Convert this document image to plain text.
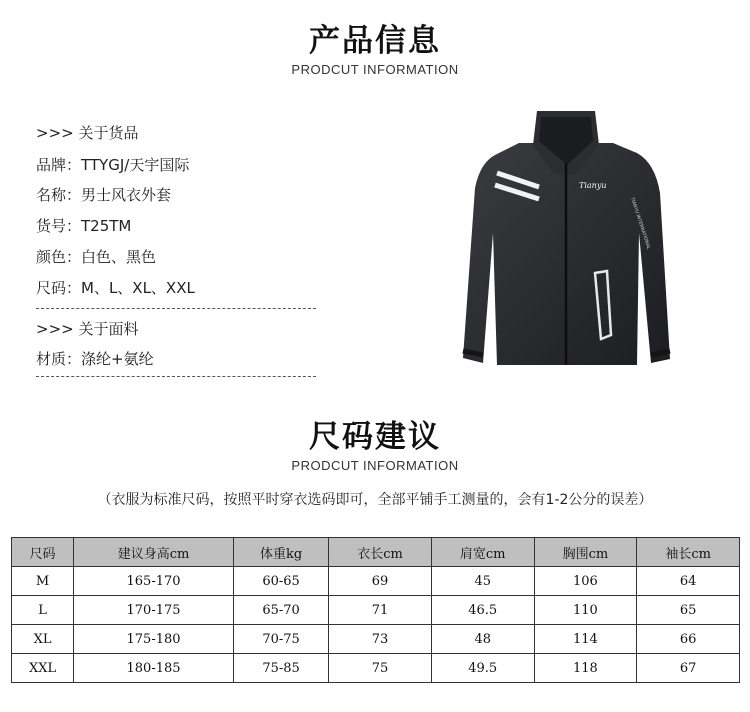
产品信息
PRODCUT INFORMATION
>>> 关于货品
品牌：TTYGJ/天宇国际
名称：男士风衣外套
货号：T25TM
颜色：白色、黑色
尺码：M、L、XL、XXL
>>> 关于面料
材质：涤纶+氨纶
Tianyu
TIANYU INTERNATIONAL
尺码建议
PRODCUT INFORMATION
（衣服为标准尺码，按照平时穿衣选码即可，全部平铺手工测量的，会有1-2公分的误差）
尺码	建议身高cm	体重kg	衣长cm	肩宽cm	胸围cm	袖长cm
M	165-170	60-65	69	45	106	64
L	170-175	65-70	71	46.5	110	65
XL	175-180	70-75	73	48	114	66
XXL	180-185	75-85	75	49.5	118	67
